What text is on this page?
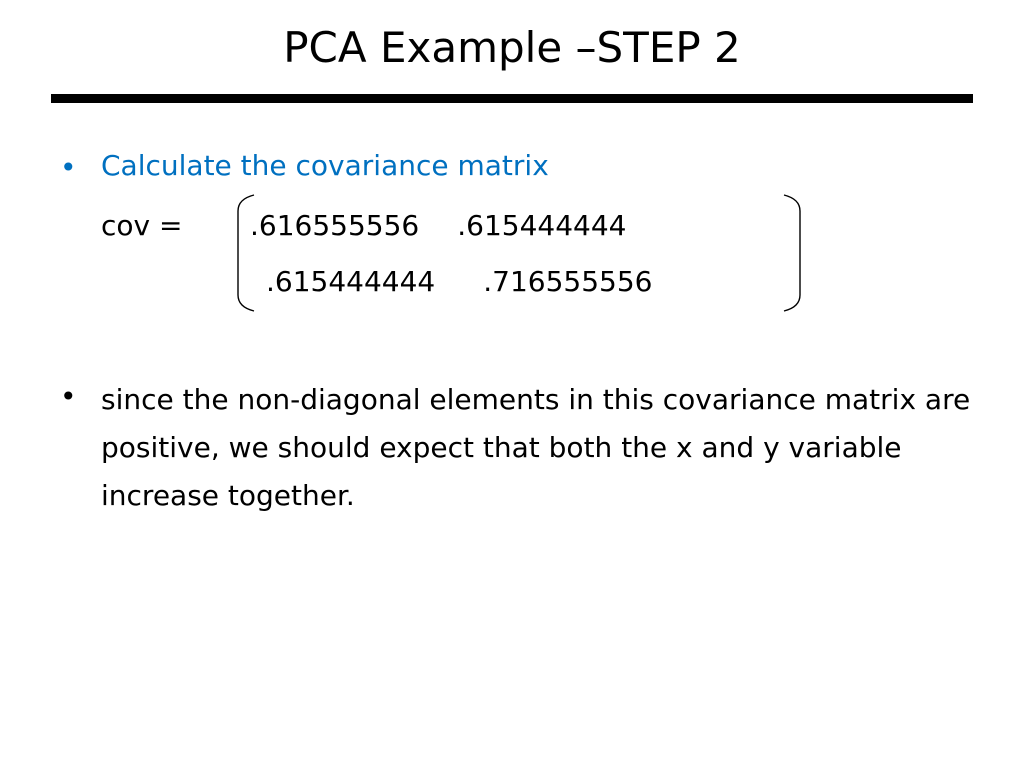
PCA Example –STEP 2
• Calculate the covariance matrix
cov = .616555556 .615444444
.615444444 .716555556
• since the non-diagonal elements in this covariance matrix are positive, we should expect that both the x and y variable increase together.
